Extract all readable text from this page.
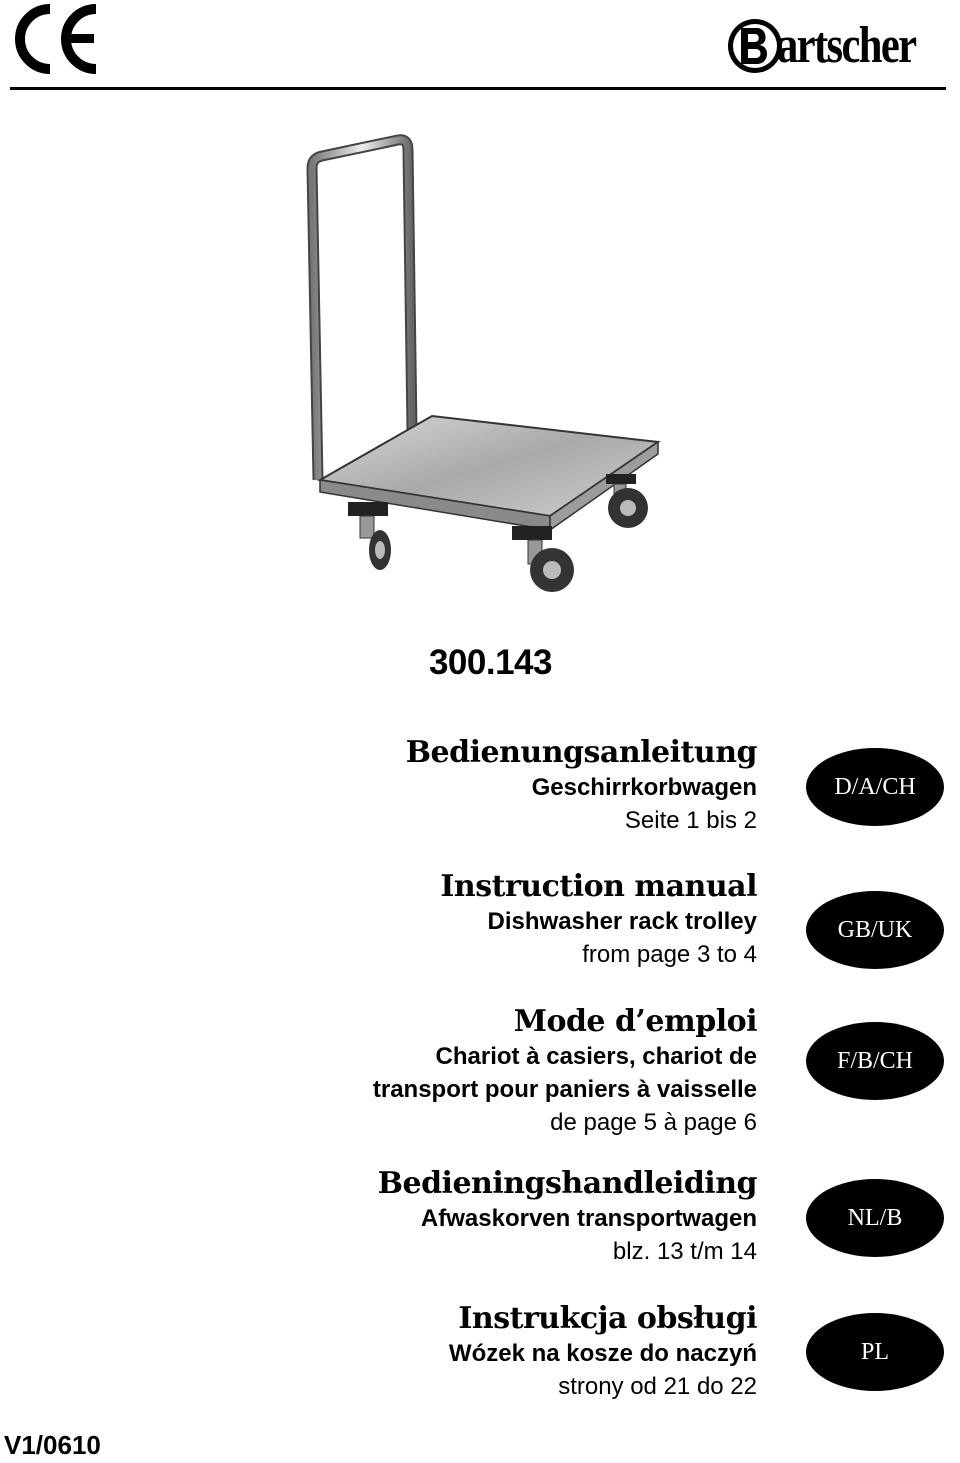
artscher
300.143
Bedienungsanleitung
Geschirrkorbwagen
Seite 1 bis 2
D/A/CH
Instruction manual
Dishwasher rack trolley
from page 3 to 4
GB/UK
Mode d’emploi
Chariot à casiers, chariot de
transport pour paniers à vaisselle
de page 5 à page 6
F/B/CH
Bedieningshandleiding
Afwaskorven transportwagen
blz. 13 t/m 14
NL/B
Instrukcja obsługi
Wózek na kosze do naczyń
strony od 21 do 22
PL
V1/0610
